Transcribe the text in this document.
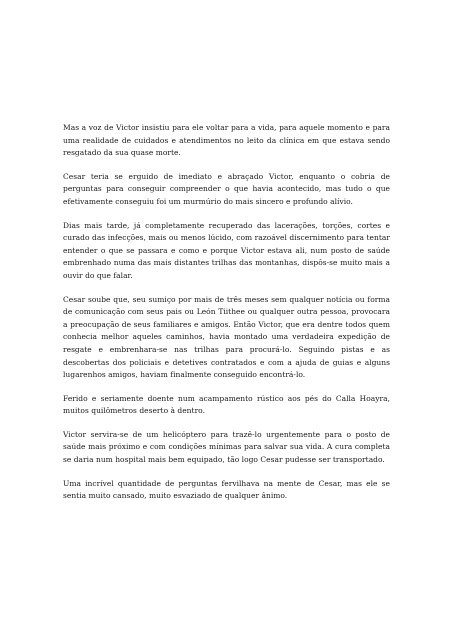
Mas a voz de Victor insistiu para ele voltar para a vida, para aquele momento e para uma realidade de cuidados e atendimentos no leito da clínica em que estava sendo resgatado da sua quase morte.

Cesar teria se erguido de imediato e abraçado Victor, enquanto o cobria de perguntas para conseguir compreender o que havia acontecido, mas tudo o que efetivamente conseguiu foi um murmúrio do mais sincero e profundo alívio.

Dias mais tarde, já completamente recuperado das lacerações, torções, cortes e curado das infecções, mais ou menos lúcido, com razoável discernimento para tentar entender o que se passara e como e porque Victor estava ali, num posto de saúde embrenhado numa das mais distantes trilhas das montanhas, dispôs-se muito mais a ouvir do que falar.

Cesar soube que, seu sumiço por mais de três meses sem qualquer notícia ou forma de comunicação com seus pais ou León Tiithee ou qualquer outra pessoa, provocara a preocupação de seus familiares e amigos. Então Victor, que era dentre todos quem conhecia melhor aqueles caminhos, havia montado uma verdadeira expedição de resgate e embrenhara-se nas trilhas para procurá-lo. Seguindo pistas e as descobertas dos policiais e detetives contratados e com a ajuda de guias e alguns lugarenhos amigos, haviam finalmente conseguido encontrá-lo.

Ferido e seriamente doente num acampamento rústico aos pés do Calla Hoayra, muitos quilômetros deserto à dentro.

Victor servira-se de um helicóptero para trazê-lo urgentemente para o posto de saúde mais próximo e com condições mínimas para salvar sua vida. A cura completa se daria num hospital mais bem equipado, tão logo Cesar pudesse ser transportado.

Uma incrível quantidade de perguntas fervilhava na mente de Cesar, mas ele se sentia muito cansado, muito esvaziado de qualquer ânimo.
